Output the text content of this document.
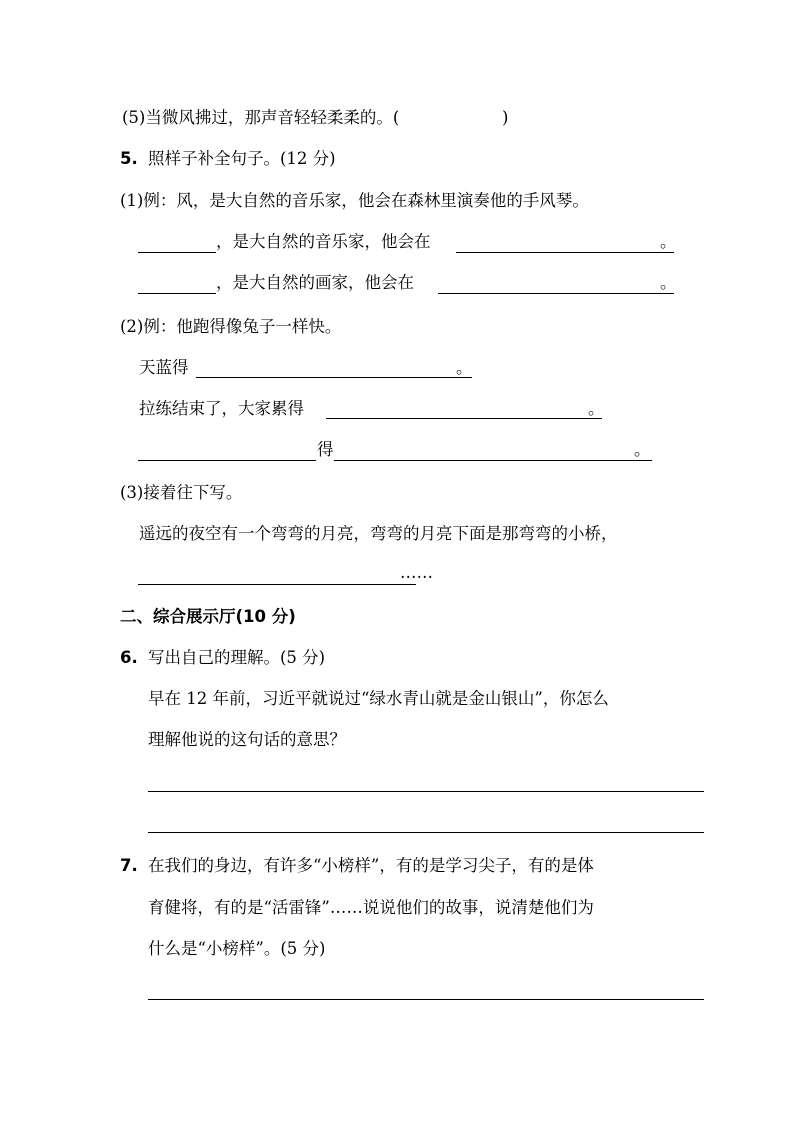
(5)当微风拂过，那声音轻轻柔柔的。(	)
5. 照样子补全句子。(12 分)
(1)例：风，是大自然的音乐家，他会在森林里演奏他的手风琴。
，是大自然的音乐家，他会在	。
，是大自然的画家，他会在	。
(2)例：他跑得像兔子一样快。
天蓝得	。
拉练结束了，大家累得	。
得	。
(3)接着往下写。
遥远的夜空有一个弯弯的月亮，弯弯的月亮下面是那弯弯的小桥，
……
二、综合展示厅(10 分)
6. 写出自己的理解。(5 分)
早在 12 年前，习近平就说过“绿水青山就是金山银山”，你怎么
理解他说的这句话的意思？
7. 在我们的身边，有许多“小榜样”，有的是学习尖子，有的是体
育健将，有的是“活雷锋”……说说他们的故事，说清楚他们为
什么是“小榜样”。(5 分)
